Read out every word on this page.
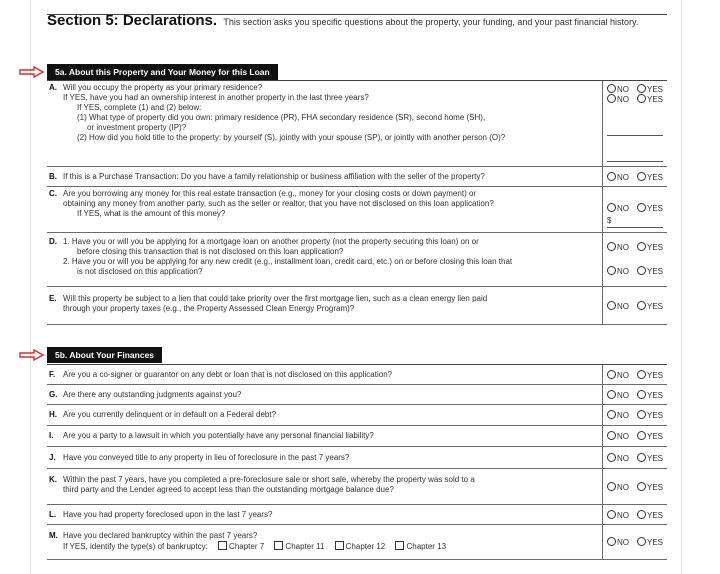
Section 5: Declarations. This section asks you specific questions about the property, your funding, and your past financial history.
5a. About this Property and Your Money for this Loan
A. Will you occupy the property as your primary residence?
If YES, have you had an ownership interest in another property in the last three years?
If YES, complete (1) and (2) below:
(1) What type of property did you own: primary residence (PR), FHA secondary residence (SR), second home (SH),
or investment property (IP)?
(2) How did you hold title to the property: by yourself (S), jointly with your spouse (SP), or jointly with another person (O)?
NO	YES
NO	YES
B. If this is a Purchase Transaction: Do you have a family relationship or business affiliation with the seller of the property?	NO	YES
C. Are you borrowing any money for this real estate transaction (e.g., money for your closing costs or down payment) or
obtaining any money from another party, such as the seller or realtor, that you have not disclosed on this loan application?
If YES, what is the amount of this money?
NO	YES
$
D. 1. Have you or will you be applying for a mortgage loan on another property (not the property securing this loan) on or
before closing this transaction that is not disclosed on this loan application?
2. Have you or will you be applying for any new credit (e.g., installment loan, credit card, etc.) on or before closing this loan that
is not disclosed on this application?
NO	YES
NO	YES
E. Will this property be subject to a lien that could take priority over the first mortgage lien, such as a clean energy lien paid
through your property taxes (e.g., the Property Assessed Clean Energy Program)?	NO	YES
5b. About Your Finances
F. Are you a co-signer or guarantor on any debt or loan that is not disclosed on this application?	NO	YES
G. Are there any outstanding judgments against you?	NO	YES
H. Are you currently delinquent or in default on a Federal debt?	NO	YES
I. Are you a party to a lawsuit in which you potentially have any personal financial liability?	NO	YES
J. Have you conveyed title to any property in lieu of foreclosure in the past 7 years?	NO	YES
K. Within the past 7 years, have you completed a pre-foreclosure sale or short sale, whereby the property was sold to a
third party and the Lender agreed to accept less than the outstanding mortgage balance due?	NO	YES
L. Have you had property foreclosed upon in the last 7 years?	NO	YES
M. Have you declared bankruptcy within the past 7 years?
If YES, identify the type(s) of bankruptcy:	Chapter 7	Chapter 11	Chapter 12	Chapter 13	NO	YES
